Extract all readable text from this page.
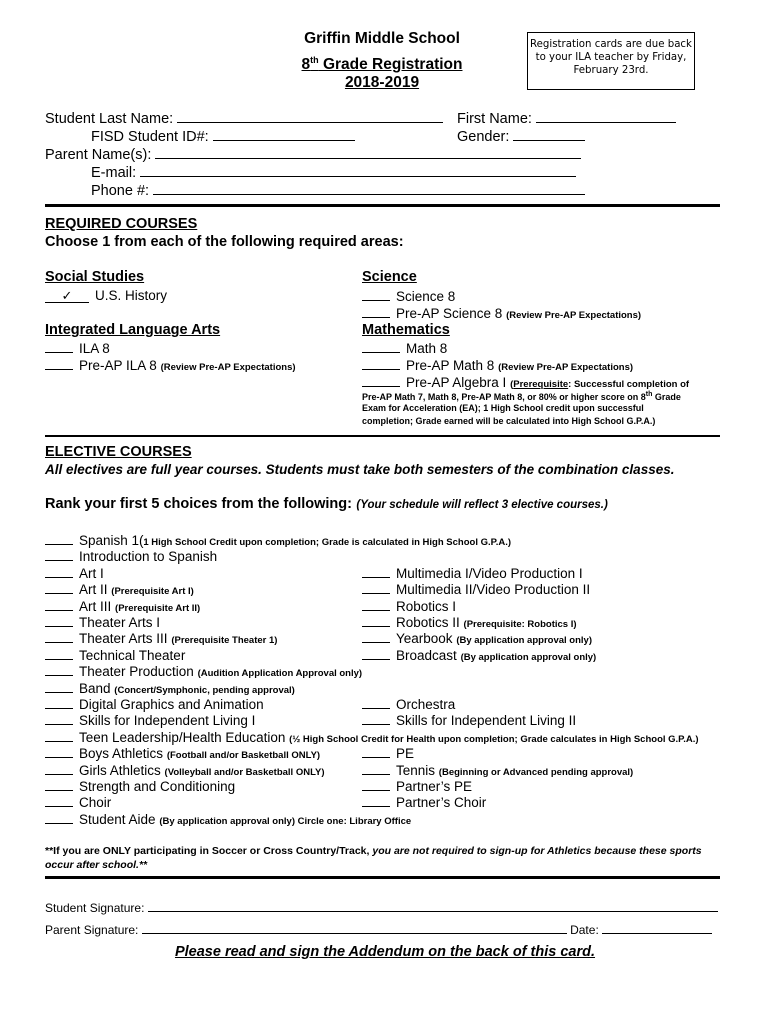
Griffin Middle School
8th Grade Registration
2018-2019
Registration cards are due back to your ILA teacher by Friday, February 23rd.
Student Last Name:	First Name:
FISD Student ID#:	Gender:
Parent Name(s):
E-mail:
Phone #:
REQUIRED COURSES
Choose 1 from each of the following required areas:
Social Studies
✓ U.S. History
Integrated Language Arts
ILA 8
Pre-AP ILA 8 (Review Pre-AP Expectations)
Science
Science 8
Pre-AP Science 8 (Review Pre-AP Expectations)
Mathematics
Math 8
Pre-AP Math 8 (Review Pre-AP Expectations)
Pre-AP Algebra I (Prerequisite: Successful completion of
Pre-AP Math 7, Math 8, Pre-AP Math 8, or 80% or higher score on 8th Grade
Exam for Acceleration (EA); 1 High School credit upon successful
completion; Grade earned will be calculated into High School G.P.A.)
ELECTIVE COURSES
All electives are full year courses. Students must take both semesters of the combination classes.
Rank your first 5 choices from the following: (Your schedule will reflect 3 elective courses.)
Spanish 1( 1 High School Credit upon completion; Grade is calculated in High School G.P.A.)
Introduction to Spanish
Art I
Art II (Prerequisite Art I)
Art III (Prerequisite Art II)
Theater Arts I
Theater Arts III (Prerequisite Theater 1)
Technical Theater
Theater Production (Audition Application Approval only)
Band (Concert/Symphonic, pending approval)
Digital Graphics and Animation
Skills for Independent Living I
Teen Leadership/Health Education (½ High School Credit for Health upon completion; Grade calculates in High School G.P.A.)
Boys Athletics (Football and/or Basketball ONLY)
Girls Athletics (Volleyball and/or Basketball ONLY)
Strength and Conditioning
Choir
Student Aide (By application approval only) Circle one: Library Office
Multimedia I/Video Production I
Multimedia II/Video Production II
Robotics I
Robotics II (Prerequisite: Robotics I)
Yearbook (By application approval only)
Broadcast (By application approval only)
Orchestra
Skills for Independent Living II
PE
Tennis (Beginning or Advanced pending approval)
Partner’s PE
Partner’s Choir
**If you are ONLY participating in Soccer or Cross Country/Track, you are not required to sign-up for Athletics because these sports occur after school.**
Student Signature:
Parent Signature:	Date:
Please read and sign the Addendum on the back of this card.
